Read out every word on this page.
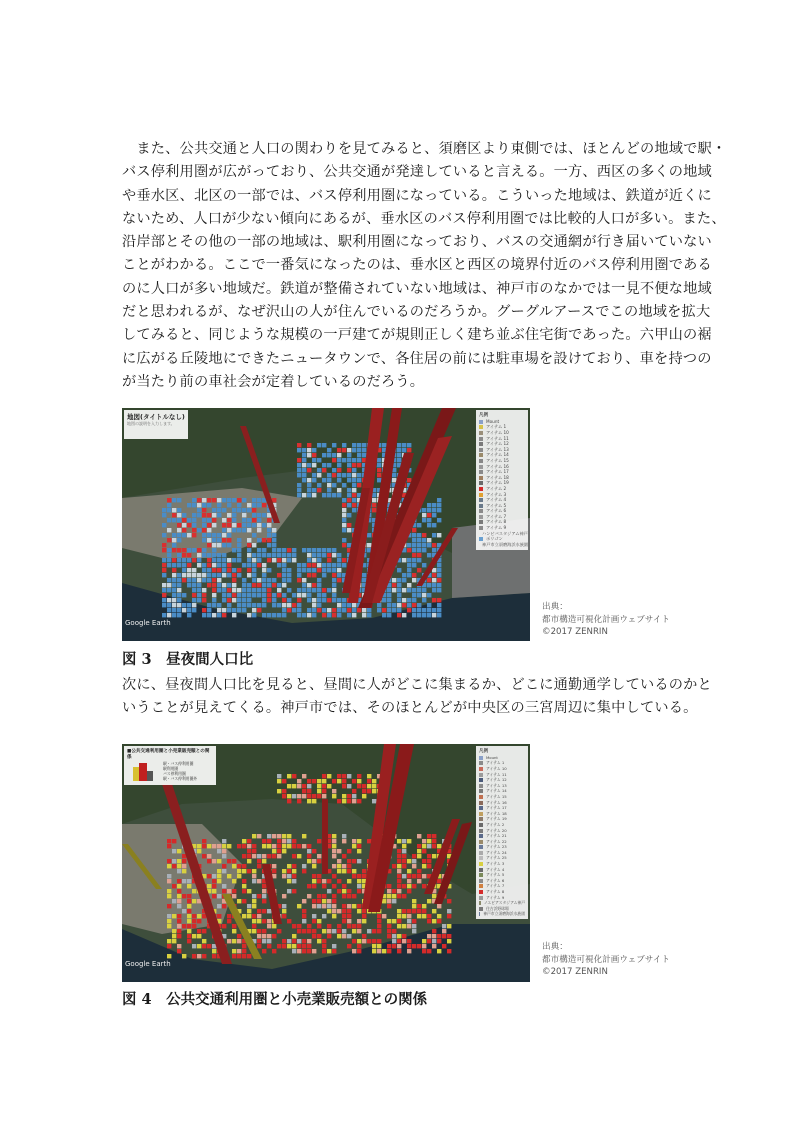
　また、公共交通と人口の関わりを見てみると、須磨区より東側では、ほとんどの地域で駅・
バス停利用圏が広がっており、公共交通が発達していると言える。一方、西区の多くの地域
や垂水区、北区の一部では、バス停利用圏になっている。こういった地域は、鉄道が近くに
ないため、人口が少ない傾向にあるが、垂水区のバス停利用圏では比較的人口が多い。また、
沿岸部とその他の一部の地域は、駅利用圏になっており、バスの交通網が行き届いていない
ことがわかる。ここで一番気になったのは、垂水区と西区の境界付近のバス停利用圏である
のに人口が多い地域だ。鉄道が整備されていない地域は、神戸市のなかでは一見不便な地域
だと思われるが、なぜ沢山の人が住んでいるのだろうか。グーグルアースでこの地域を拡大
してみると、同じような規模の一戸建てが規則正しく建ち並ぶ住宅街であった。六甲山の裾
に広がる丘陵地にできたニュータウンで、各住居の前には駐車場を設けており、車を持つの
が当たり前の車社会が定着しているのだろう。
地図(タイトルなし)
地図の説明を入力します。
凡例
Mount
アイテム 1
アイテム 10
アイテム 11
アイテム 12
アイテム 13
アイテム 14
アイテム 15
アイテム 16
アイテム 17
アイテム 18
アイテム 19
アイテム 2
アイテム 3
アイテム 4
アイテム 5
アイテム 6
アイテム 7
アイテム 8
アイテム 9
ハンビバスタジアム神戸
ポリゴン
神戸市立須磨海浜水族園
Google Earth
出典：
都市構造可視化計画ウェブサイト
©2017 ZENRIN

図 3　昼夜間人口比

次に、昼夜間人口比を見ると、昼間に人がどこに集まるか、どこに通勤通学しているのかと
いうことが見えてくる。神戸市では、そのほとんどが中央区の三宮周辺に集中している。
■公共交通利用圏と小売業販売額との関係
駅・バス停利用圏
駅利用圏
バス停利用圏
駅・バス停利用圏外
凡例
Mount
アイテム 1
アイテム 10
アイテム 11
アイテム 12
アイテム 13
アイテム 14
アイテム 15
アイテム 16
アイテム 17
アイテム 18
アイテム 19
アイテム 2
アイテム 20
アイテム 21
アイテム 22
アイテム 23
アイテム 24
アイテム 25
アイテム 3
アイテム 4
アイテム 5
アイテム 6
アイテム 7
アイテム 8
アイテム 9
ノエビアスタジアム神戸
住吉浜野球場
神戸市立須磨海浜水族園
Google Earth
出典：
都市構造可視化計画ウェブサイト
©2017 ZENRIN

図 4　公共交通利用圏と小売業販売額との関係
